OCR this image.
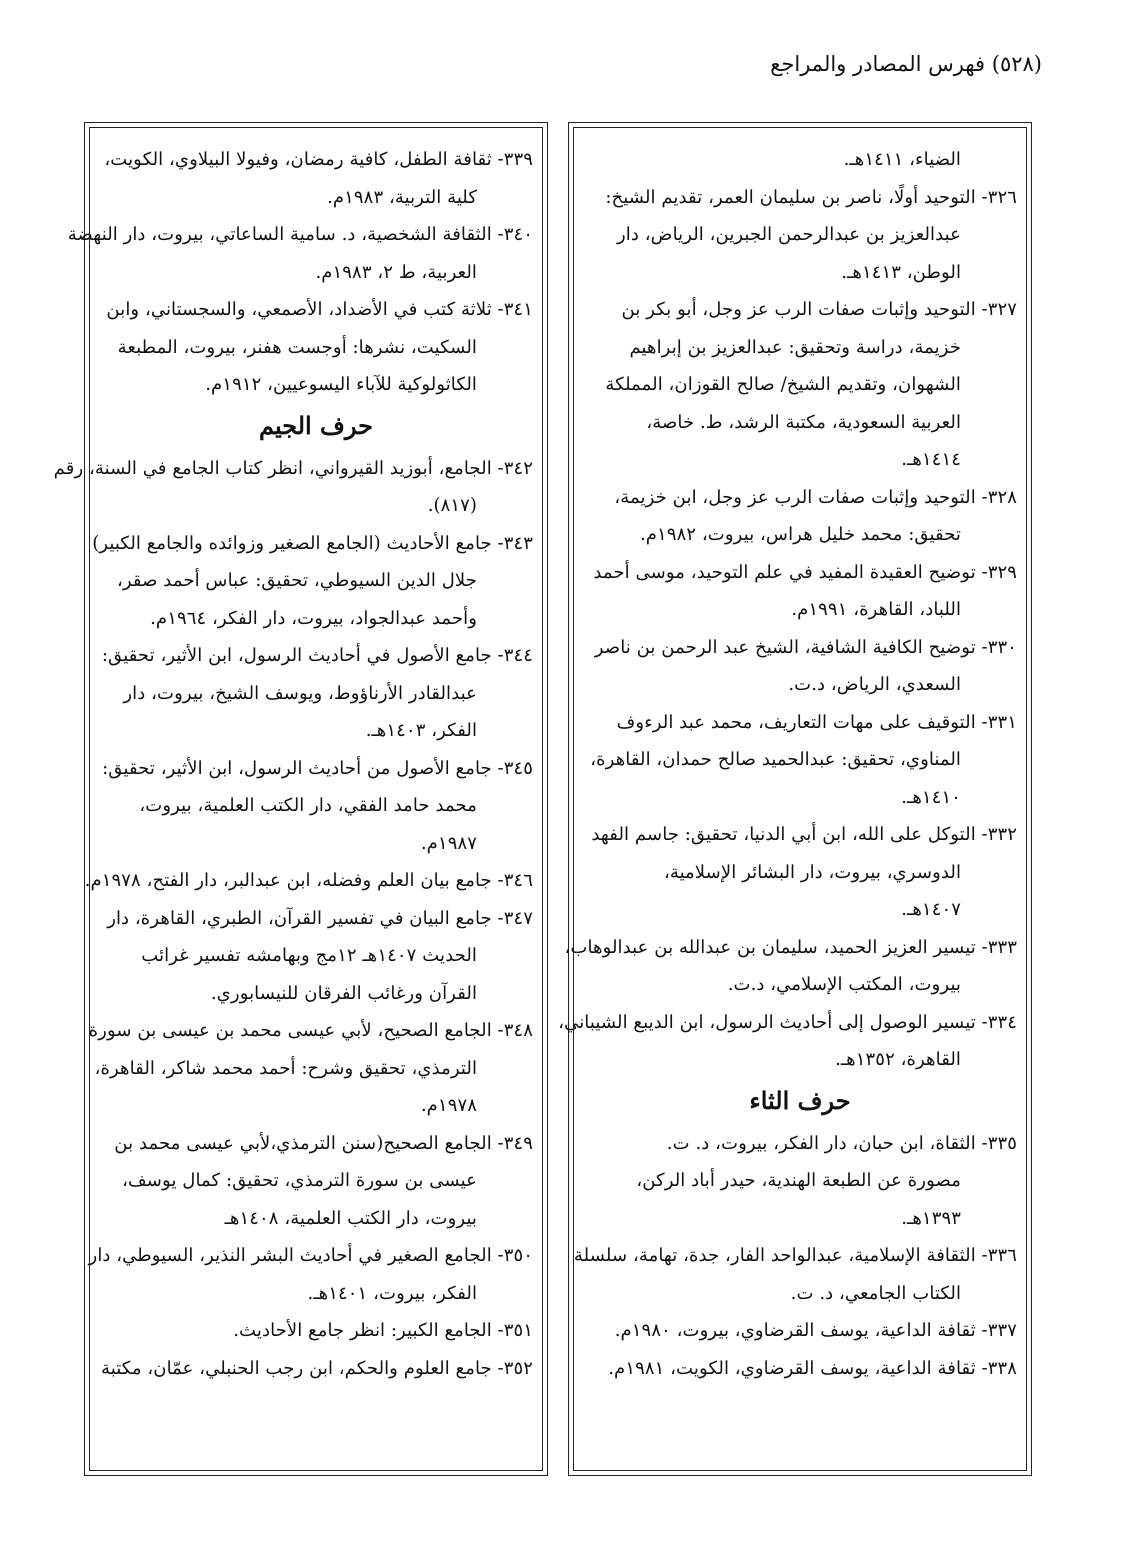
(٥٢٨) فهرس المصادر والمراجع
الضياء، ١٤١١هـ.
٣٢٦- التوحيد أولًا، ناصر بن سليمان العمر، تقديم الشيخ:
عبدالعزيز بن عبدالرحمن الجبرين، الرياض، دار
الوطن، ١٤١٣هـ.
٣٢٧- التوحيد وإثبات صفات الرب عز وجل، أبو بكر بن
خزيمة، دراسة وتحقيق: عبدالعزيز بن إبراهيم
الشهوان، وتقديم الشيخ/ صالح القوزان، المملكة
العربية السعودية، مكتبة الرشد، ط. خاصة،
١٤١٤هـ.
٣٢٨- التوحيد وإثبات صفات الرب عز وجل، ابن خزيمة،
تحقيق: محمد خليل هراس، بيروت، ١٩٨٢م.
٣٢٩- توضيح العقيدة المفيد في علم التوحيد، موسى أحمد
اللباد، القاهرة، ١٩٩١م.
٣٣٠- توضيح الكافية الشافية، الشيخ عبد الرحمن بن ناصر
السعدي، الرياض، د.ت.
٣٣١- التوقيف على مهات التعاريف، محمد عبد الرءوف
المناوي، تحقيق: عبدالحميد صالح حمدان، القاهرة،
١٤١٠هـ.
٣٣٢- التوكل على الله، ابن أبي الدنيا، تحقيق: جاسم الفهد
الدوسري، بيروت، دار البشائر الإسلامية،
١٤٠٧هـ.
٣٣٣- تيسير العزيز الحميد، سليمان بن عبدالله بن عبدالوهاب،
بيروت، المكتب الإسلامي، د.ت.
٣٣٤- تيسير الوصول إلى أحاديث الرسول، ابن الديبع الشيباني،
القاهرة، ١٣٥٢هـ.
حرف الثاء
٣٣٥- الثقاة، ابن حبان، دار الفكر، بيروت، د. ت.
مصورة عن الطبعة الهندية، حيدر أباد الركن،
١٣٩٣هـ.
٣٣٦- الثقافة الإسلامية، عبدالواحد الفار، جدة، تهامة، سلسلة
الكتاب الجامعي، د. ت.
٣٣٧- ثقافة الداعية، يوسف القرضاوي، بيروت، ١٩٨٠م.
٣٣٨- ثقافة الداعية، يوسف القرضاوي، الكويت، ١٩٨١م.
٣٣٩- ثقافة الطفل، كافية رمضان، وفيولا البيلاوي، الكويت،
كلية التربية، ١٩٨٣م.
٣٤٠- الثقافة الشخصية، د. سامية الساعاتي، بيروت، دار النهضة
العربية، ط ٢، ١٩٨٣م.
٣٤١- ثلاثة كتب في الأضداد، الأصمعي، والسجستاني، وابن
السكيت، نشرها: أوجست هفنر، بيروت، المطبعة
الكاثولوكية للآباء اليسوعيين، ١٩١٢م.
حرف الجيم
٣٤٢- الجامع، أبوزيد القيرواني، انظر كتاب الجامع في السنة، رقم
(٨١٧).
٣٤٣- جامع الأحاديث (الجامع الصغير وزوائده والجامع الكبير)
جلال الدين السيوطي، تحقيق: عباس أحمد صقر،
وأحمد عبدالجواد، بيروت، دار الفكر، ١٩٦٤م.
٣٤٤- جامع الأصول في أحاديث الرسول، ابن الأثير، تحقيق:
عبدالقادر الأرناؤوط، ويوسف الشيخ، بيروت، دار
الفكر، ١٤٠٣هـ.
٣٤٥- جامع الأصول من أحاديث الرسول، ابن الأثير، تحقيق:
محمد حامد الفقي، دار الكتب العلمية، بيروت،
١٩٨٧م.
٣٤٦- جامع بيان العلم وفضله، ابن عبدالبر، دار الفتح، ١٩٧٨م.
٣٤٧- جامع البيان في تفسير القرآن، الطبري، القاهرة، دار
الحديث ١٤٠٧هـ ١٢مج وبهامشه تفسير غرائب
القرآن ورغائب الفرقان للنيسابوري.
٣٤٨- الجامع الصحيح، لأبي عيسى محمد بن عيسى بن سورة
الترمذي، تحقيق وشرح: أحمد محمد شاكر، القاهرة،
١٩٧٨م.
٣٤٩- الجامع الصحيح(سنن الترمذي،لأبي عيسى محمد بن
عيسى بن سورة الترمذي، تحقيق: كمال يوسف،
بيروت، دار الكتب العلمية، ١٤٠٨هـ
٣٥٠- الجامع الصغير في أحاديث البشر النذير، السيوطي، دار
الفكر، بيروت، ١٤٠١هـ.
٣٥١- الجامع الكبير: انظر جامع الأحاديث.
٣٥٢- جامع العلوم والحكم، ابن رجب الحنبلي، عمّان، مكتبة
